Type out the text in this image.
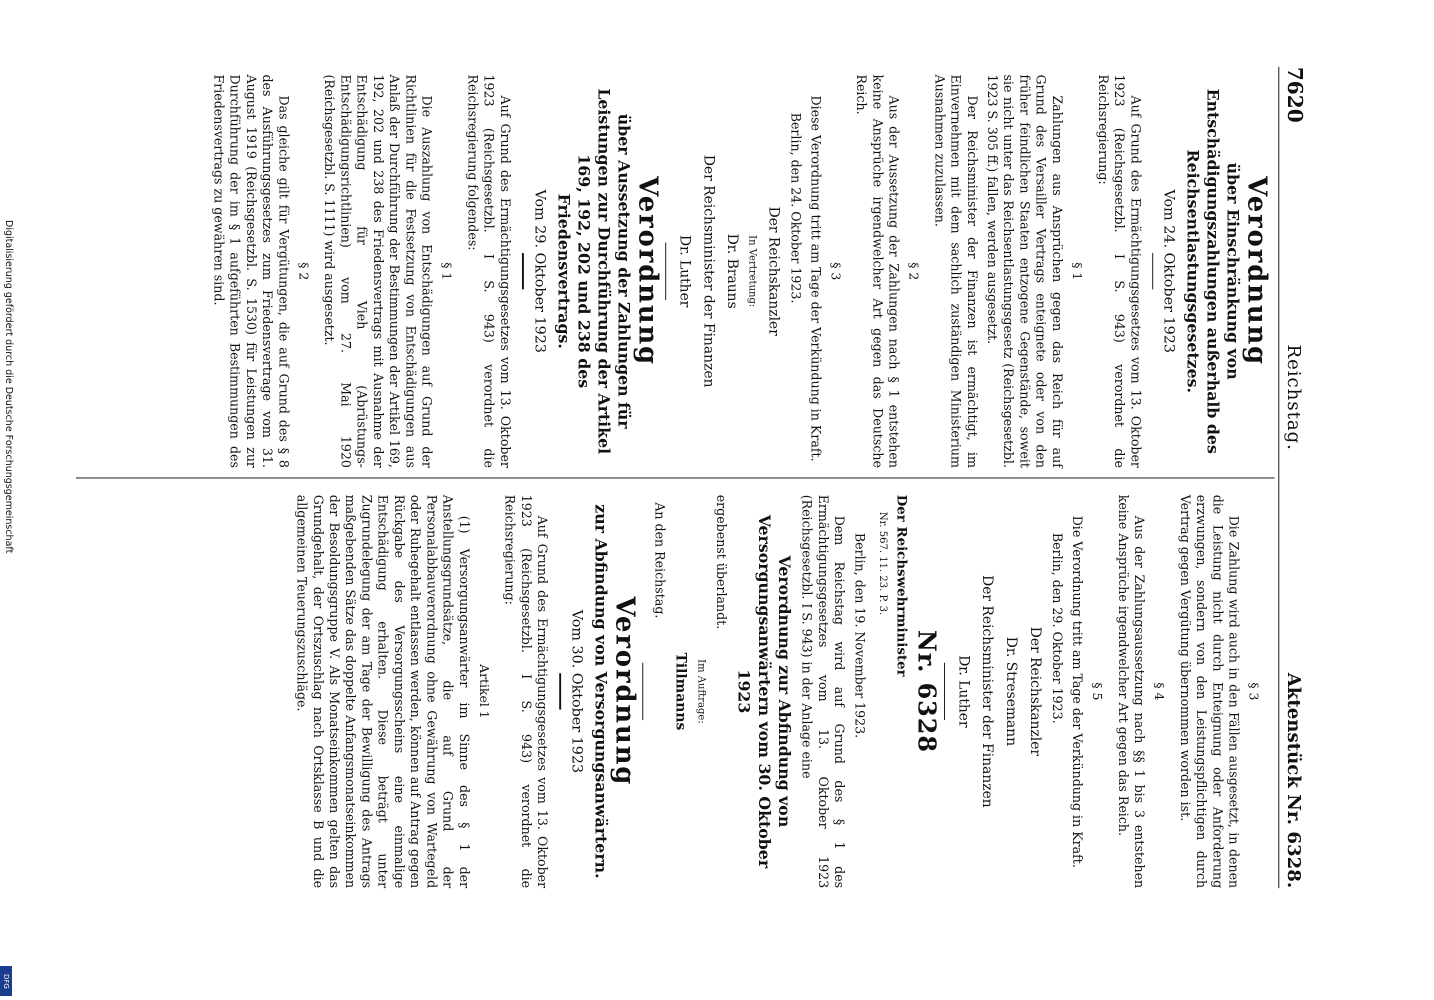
7620
Reichstag.
Aktenstück Nr. 6328.
Verordnung
über Einschränkung von Entschädigungszahlungen außerhalb des Reichsentlastungsgesetzes.
Vom 24. Oktober 1923

Auf Grund des Ermächtigungsgesetzes vom 13. Oktober 1923 (Reichsgesetzbl. I S. 943) verordnet die Reichsregierung:

§ 1

Zahlungen aus Ansprüchen gegen das Reich für auf Grund des Versailler Vertrags enteignete oder von den früher feindlichen Staaten entzogene Gegenstände, soweit sie nicht unter das Reichsentlastungsgesetz (Reichsgesetzbl. 1923 S. 305 ff.) fallen, werden ausgesetzt.

Der Reichsminister der Finanzen ist ermächtigt, im Einvernehmen mit dem sachlich zuständigen Ministerium Ausnahmen zuzulassen.

§ 2

Aus der Aussetzung der Zahlungen nach § 1 entstehen keine Ansprüche irgendwelcher Art gegen das Deutsche Reich.

§ 3

Diese Verordnung tritt am Tage der Verkündung in Kraft.

Berlin, den 24. Oktober 1923.

Der Reichskanzler
In Vertretung:
Dr. Brauns
Der Reichsminister der Finanzen
Dr. Luther
Verordnung
über Aussetzung der Zahlungen für Leistungen zur Durchführung der Artikel 169, 192, 202 und 238 des Friedensvertrags.
Vom 29. Oktober 1923

Auf Grund des Ermächtigungsgesetzes vom 13. Oktober 1923 (Reichsgesetzbl. I S. 943) verordnet die Reichsregierung folgendes:

§ 1

Die Auszahlung von Entschädigungen auf Grund der Richtlinien für die Festsetzung von Entschädigungen aus Anlaß der Durchführung der Bestimmungen der Artikel 169, 192, 202 und 238 des Friedensvertrags mit Ausnahme der Entschädigung für Vieh (Abrüstungs-Entschädigungsrichtlinien) vom 27. Mai 1920 (Reichsgesetzbl. S. 1111) wird ausgesetzt.

§ 2

Das gleiche gilt für Vergütungen, die auf Grund des § 8 des Ausführungsgesetzes zum Friedensvertrage vom 31. August 1919 (Reichsgesetzbl. S. 1530) für Leistungen zur Durchführung der im § 1 aufgeführten Bestimmungen des Friedensvertrags zu gewähren sind.

§ 3

Die Zahlung wird auch in den Fällen ausgesetzt, in denen die Leistung nicht durch Enteignung oder Anforderung erzwungen, sondern von den Leistungspflichtigen durch Vertrag gegen Vergütung übernommen worden ist.

§ 4

Aus der Zahlungsaussetzung nach §§ 1 bis 3 entstehen keine Ansprüche irgendwelcher Art gegen das Reich.

§ 5

Die Verordnung tritt am Tage der Verkündung in Kraft.

Berlin, den 29. Oktober 1923.

Der Reichskanzler
Dr. Stresemann
Der Reichsminister der Finanzen
Dr. Luther
Nr. 6328
Der Reichswehrminister
Nr. 567. 11. 23. P. 3.

Berlin, den 19. November 1923.

Dem Reichstag wird auf Grund des § 1 des Ermächtigungsgesetzes vom 13. Oktober 1923 (Reichsgesetzbl. I S. 943) in der Anlage eine

Verordnung zur Abfindung von Versorgungsanwärtern vom 30. Oktober 1923

ergebenst überlandt.

Im Auftrage:
Tillmanns

An den Reichstag.

Verordnung
zur Abfindung von Versorgungsanwärtern.
Vom 30. Oktober 1923

Auf Grund des Ermächtigungsgesetzes vom 13. Oktober 1923 (Reichsgesetzbl. I S. 943) verordnet die Reichsregierung:

Artikel 1

(1) Versorgungsanwärter im Sinne des § 1 der Anstellungsgrundsätze, die auf Grund der Personalabbauverordnung ohne Gewährung von Wartegeld oder Ruhegehalt entlassen werden, können auf Antrag gegen Rückgabe des Versorgungsscheins eine einmalige Entschädigung erhalten. Diese beträgt unter Zugrundelegung der am Tage der Bewilligung des Antrags maßgebenden Sätze das doppelte Anfangsmonatseinkommen der Besoldungsgruppe V. Als Monatseinkommen gelten das Grundgehalt, der Ortszuschlag nach Ortsklasse B und die allgemeinen Teuerungszuschläge.

Digitalisierung gefördert durch die Deutsche Forschungsgemeinschaft
DFG
